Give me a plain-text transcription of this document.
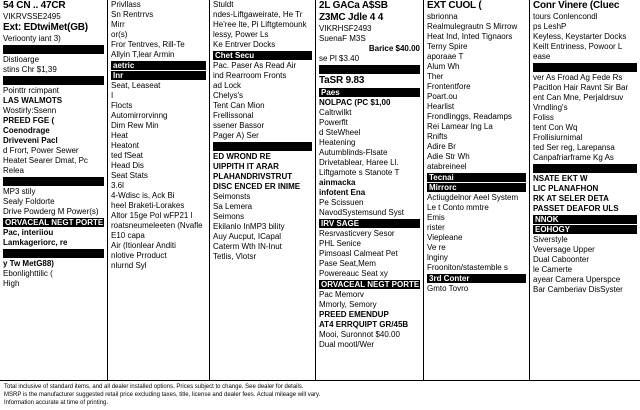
54 CN .. 47CR
VIKRVSSE2495
Ext: EDtwiMet(GB)
Verioonty iant 3)
Distioarge
stins Chr $1,39
Pointtr rcimpant
LAS WALMOTS
Wostirly:Ssenn
PREED FGE (
Coenodrage
Driveveni Pacl
d Frort, Power Sewer
Heatet Searer Dmat, Pc
Relea
MP3 stily
Sealy Foldorte
Drive Powderg M Power(s)
ORVACEAL NEGT PORTE
Pac, interiiou
Lamkageriorc, re
y Tw MetG88)
Ebonlighttilic (
High
Privllass
Sn Rentrrvs
Mirr
or(s)
Fror Tentrves, Rill-Te
Allyin T,lear Armin
aetric
Inr
Seat, Leaseat
I
Flocts
Automirrorvinng
Dim Rew Min
Heat
Heatont
ted fSeat
Head Dis
Seat Stats
3.6l
4-Wdisc is, Ack Bi
heel Braketi-Lorakes
Altor 15ge Pol wFP21 l
roatsneumeleeten (Nvafle
E10 capa
Air (Itionlear Anditi
nlotive Prroduct
nlurnd Syl
Stuldt
ndes-Liftgaweirate, He Tr
He'ree lte, Pi Liftgtemounk
lessy, Power Ls
Ke Entrver Docks
Chet Secu
Pac. Paser As Read Air
ind Rearroom Fronts
ad Lock
Chelys's
Tent Can Mion
Frellissonal
ssener Bassor
Pager A) Ser
ED WROND RE
UIPPITH IT ARAR
PLAHANDRIVSTRUT
DISC ENCED ER INIME
Seimonsts
Sa Lemera
Seimons
Ekilanlo InMP3 bility
Auy Aucput, ICapal
Caterm Wth IN-Inut
Tetlis, Vlotsr
2L GACa A$SB
Z3MC Jdle 4 4
VIKRHSF2493
SuenaF M3S
Barice $40.00
se Pl $3.40
TaSR 9.83
Paes
NOLPAC (PC $1,00
Caltrwilkt
Powerflt
d SteWheel
Heatening
Autumblinds-Flsate
Drivetablear, Haree Ll.
Liftgamote s Stanote T
ainmacka
infotent Ena
Pe Scissuen
NavodSystemsund Syst
IRV SAGE
Resrvasticvery Sesor
PHL Senice
Pimsoasl Calmeat Pet
Pase Seat,Mem
Powereauc Seat xy
ORVACEAL NEGT PORTE
Pac Memorv
Mmorly, Semory
PREED EMENDUP
AT4 ERRQUIPT GR/45B
Mooi, Suronnot $40.00
Dual mootl/Wer
EXT CUOL (
sbrionna
Realmulegrautn S Mirrow
Heat Ind, Inted Tignaors
Terny Spire
aporaae T
Alum Wh
Ther
Frontentfore
Poart.ou
Hearlist
Frondlinggs, Readamps
Rei Lamear Ing La
Rnifts
Adire Br
Adie Str Wh
atabreineel
Tecnai
Mirrorc
Actiugdelnor Aeel System
Le t Conto mmtre
Emis
rister
Viepleane
Ve re
lnginy
Frooniton/stastemble s
3rd Conter
Gmto Tovro
Conr Vinere (Cluec
tours Conlencondl
ps LeshP
Keyless, Keystarter Docks
Keilt Entriness, Powoor L
ease
ver As Froad Ag Fede Rs
Pacitlon Hair Ravnt Sir Bar
ent Can Mne, Perjaldrsuv
Vrndling's
Foliss
tent Con Wq
Frollisiurnimal
ted Ser reg, Larepansa
Canpafriarframe Kg As
NSATE EKT W
LIC PLANAFHON
RK AT SELER DETA
PASSET DEAFOR ULS
NNOK
EOHOGY
Siverstyle
Veversage Upper
Dual Caboonter
le Camerte
ayear Camera Uperspce
Bar Camberiav DisSyster
Total inclusive of standard items, and all dealer installed options. Prices subject to change. See dealer for details.
MSRP is the manufacturer suggested retail price excluding taxes, title, license and dealer fees. Actual mileage will vary.
Information accurate at time of printing.
